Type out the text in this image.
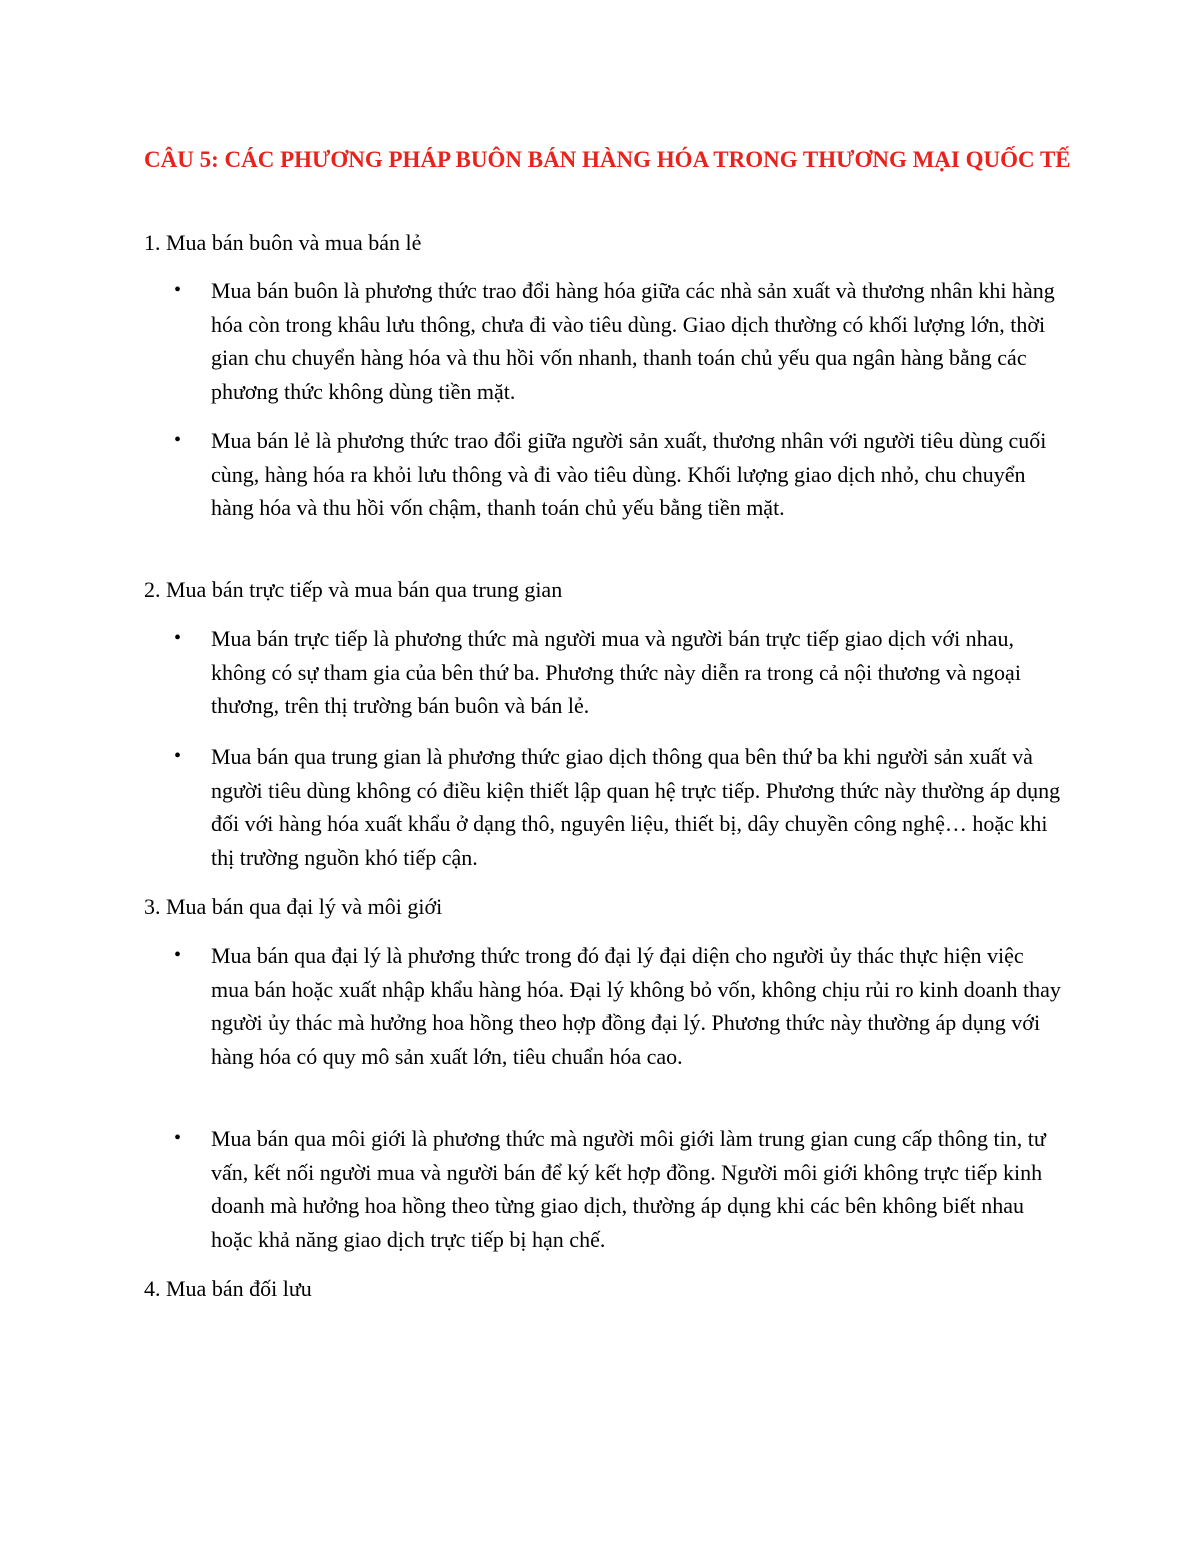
CÂU 5: CÁC PHƯƠNG PHÁP BUÔN BÁN HÀNG HÓA TRONG THƯƠNG MẠI QUỐC TẾ

1. Mua bán buôn và mua bán lẻ

•	Mua bán buôn là phương thức trao đổi hàng hóa giữa các nhà sản xuất và thương nhân khi hàng hóa còn trong khâu lưu thông, chưa đi vào tiêu dùng. Giao dịch thường có khối lượng lớn, thời gian chu chuyển hàng hóa và thu hồi vốn nhanh, thanh toán chủ yếu qua ngân hàng bằng các phương thức không dùng tiền mặt.
•	Mua bán lẻ là phương thức trao đổi giữa người sản xuất, thương nhân với người tiêu dùng cuối cùng, hàng hóa ra khỏi lưu thông và đi vào tiêu dùng. Khối lượng giao dịch nhỏ, chu chuyển hàng hóa và thu hồi vốn chậm, thanh toán chủ yếu bằng tiền mặt.

2. Mua bán trực tiếp và mua bán qua trung gian

•	Mua bán trực tiếp là phương thức mà người mua và người bán trực tiếp giao dịch với nhau, không có sự tham gia của bên thứ ba. Phương thức này diễn ra trong cả nội thương và ngoại thương, trên thị trường bán buôn và bán lẻ.
•	Mua bán qua trung gian là phương thức giao dịch thông qua bên thứ ba khi người sản xuất và người tiêu dùng không có điều kiện thiết lập quan hệ trực tiếp. Phương thức này thường áp dụng đối với hàng hóa xuất khẩu ở dạng thô, nguyên liệu, thiết bị, dây chuyền công nghệ… hoặc khi thị trường nguồn khó tiếp cận.

3. Mua bán qua đại lý và môi giới

•	Mua bán qua đại lý là phương thức trong đó đại lý đại diện cho người ủy thác thực hiện việc mua bán hoặc xuất nhập khẩu hàng hóa. Đại lý không bỏ vốn, không chịu rủi ro kinh doanh thay người ủy thác mà hưởng hoa hồng theo hợp đồng đại lý. Phương thức này thường áp dụng với hàng hóa có quy mô sản xuất lớn, tiêu chuẩn hóa cao.
•	Mua bán qua môi giới là phương thức mà người môi giới làm trung gian cung cấp thông tin, tư vấn, kết nối người mua và người bán để ký kết hợp đồng. Người môi giới không trực tiếp kinh doanh mà hưởng hoa hồng theo từng giao dịch, thường áp dụng khi các bên không biết nhau hoặc khả năng giao dịch trực tiếp bị hạn chế.

4. Mua bán đối lưu
